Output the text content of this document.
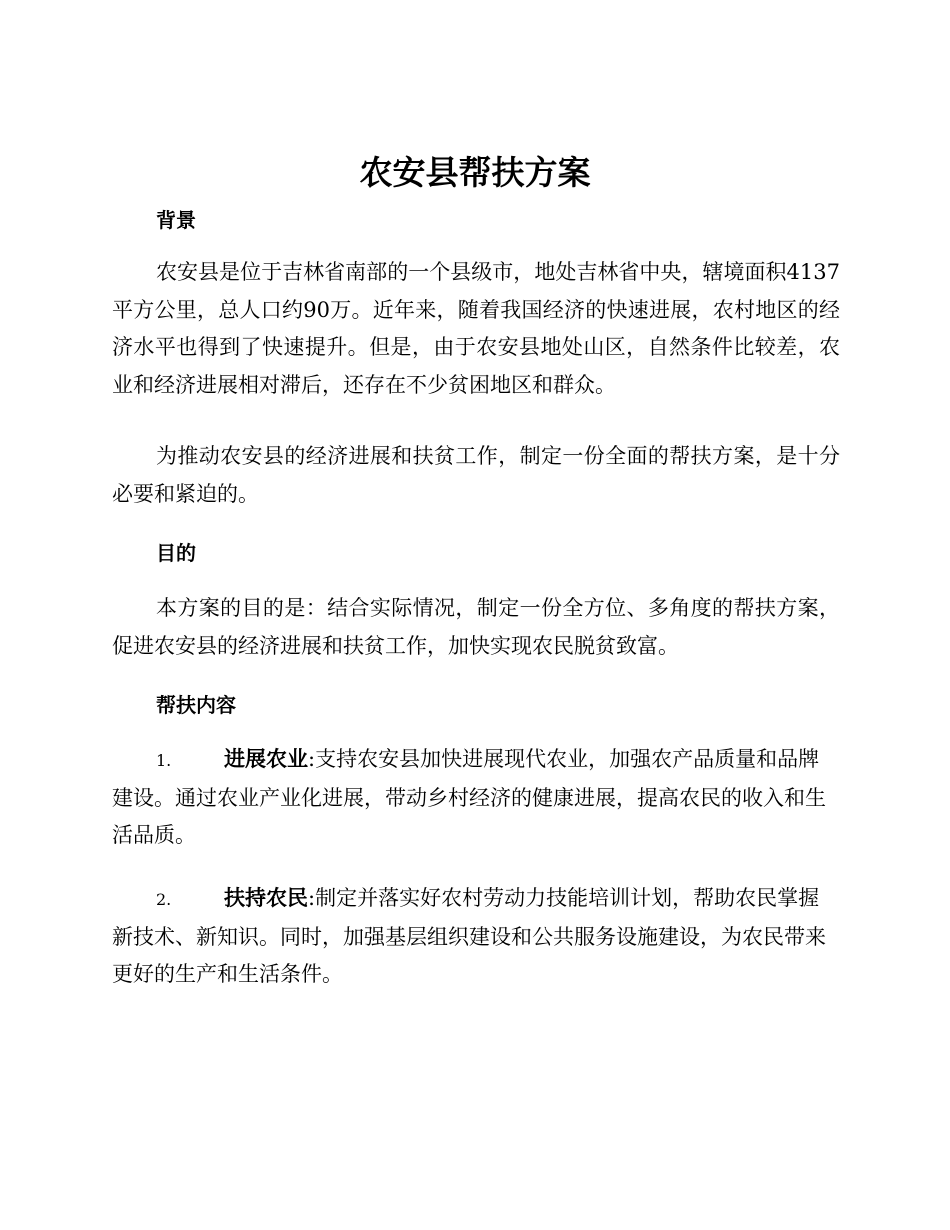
农安县帮扶方案
背景

农安县是位于吉林省南部的一个县级市，地处吉林省中央，辖境面积4137平方公里，总人口约90万。近年来，随着我国经济的快速进展，农村地区的经济水平也得到了快速提升。但是，由于农安县地处山区，自然条件比较差，农业和经济进展相对滞后，还存在不少贫困地区和群众。

为推动农安县的经济进展和扶贫工作，制定一份全面的帮扶方案，是十分必要和紧迫的。

目的

本方案的目的是：结合实际情况，制定一份全方位、多角度的帮扶方案，促进农安县的经济进展和扶贫工作，加快实现农民脱贫致富。

帮扶内容

1.	进展农业:支持农安县加快进展现代农业，加强农产品质量和品牌建设。通过农业产业化进展，带动乡村经济的健康进展，提高农民的收入和生活品质。

2.	扶持农民:制定并落实好农村劳动力技能培训计划，帮助农民掌握新技术、新知识。同时，加强基层组织建设和公共服务设施建设，为农民带来更好的生产和生活条件。
